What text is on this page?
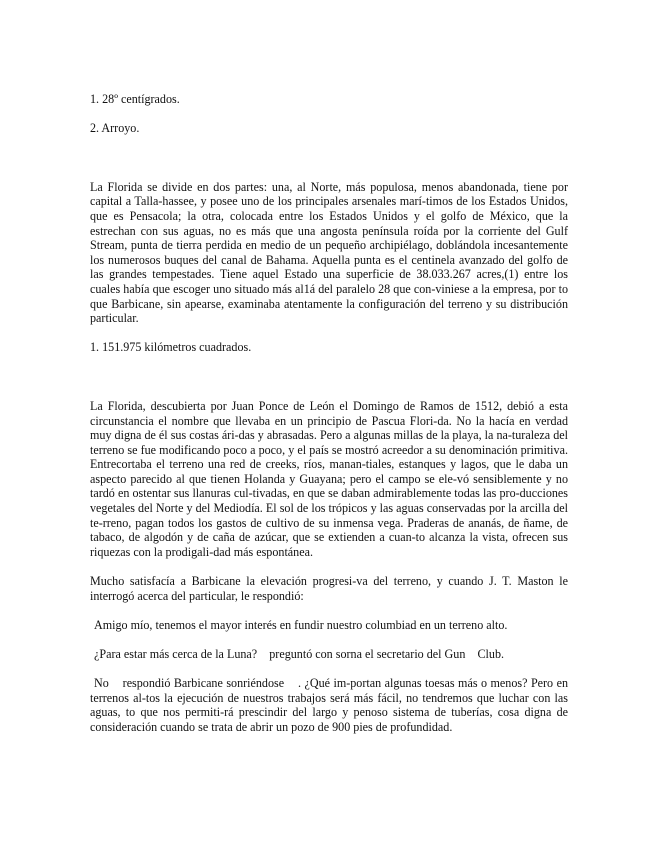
1. 28º centígrados.

2. Arroyo.

La Florida se divide en dos partes: una, al Norte, más populosa, menos abandonada, tiene por capital a Talla-hassee, y posee uno de los principales arsenales marí-timos de los Estados Unidos, que es Pensacola; la otra, colocada entre los Estados Unidos y el golfo de México, que la estrechan con sus aguas, no es más que una angosta península roída por la corriente del Gulf Stream, punta de tierra perdida en medio de un pequeño archipiélago, doblándola incesantemente los numerosos buques del canal de Bahama. Aquella punta es el centinela avanzado del golfo de las grandes tempestades. Tiene aquel Estado una superficie de 38.033.267 acres,(1) entre los cuales había que escoger uno situado más al1á del paralelo 28 que con-viniese a la empresa, por to que Barbicane, sin apearse, examinaba atentamente la configuración del terreno y su distribución particular.

1. 151.975 kilómetros cuadrados.

La Florida, descubierta por Juan Ponce de León el Domingo de Ramos de 1512, debió a esta circunstancia el nombre que llevaba en un principio de Pascua Flori-da. No la hacía en verdad muy digna de él sus costas ári-das y abrasadas. Pero a algunas millas de la playa, la na-turaleza del terreno se fue modificando poco a poco, y el país se mostró acreedor a su denominación primitiva. Entrecortaba el terreno una red de creeks, ríos, manan-tiales, estanques y lagos, que le daba un aspecto parecido al que tienen Holanda y Guayana; pero el campo se ele-vó sensiblemente y no tardó en ostentar sus llanuras cul-tivadas, en que se daban admirablemente todas las pro-ducciones vegetales del Norte y del Mediodía. El sol de los trópicos y las aguas conservadas por la arcilla del te-rreno, pagan todos los gastos de cultivo de su inmensa vega. Praderas de ananás, de ñame, de tabaco, de algodón y de caña de azúcar, que se extienden a cuan-to alcanza la vista, ofrecen sus riquezas con la prodigali-dad más espontánea.

Mucho satisfacía a Barbicane la elevación progresi-va del terreno, y cuando J. T. Maston le interrogó acerca del particular, le respondió:

Amigo mío, tenemos el mayor interés en fundir nuestro columbiad en un terreno alto.

¿Para estar más cerca de la Luna?    preguntó con sorna el secretario del Gun    Club.

No    respondió Barbicane sonriéndose    . ¿Qué im-portan algunas toesas más o menos? Pero en terrenos al-tos la ejecución de nuestros trabajos será más fácil, no tendremos que luchar con las aguas, to que nos permiti-rá prescindir del largo y penoso sistema de tuberías, cosa digna de consideración cuando se trata de abrir un pozo de 900 pies de profundidad.
